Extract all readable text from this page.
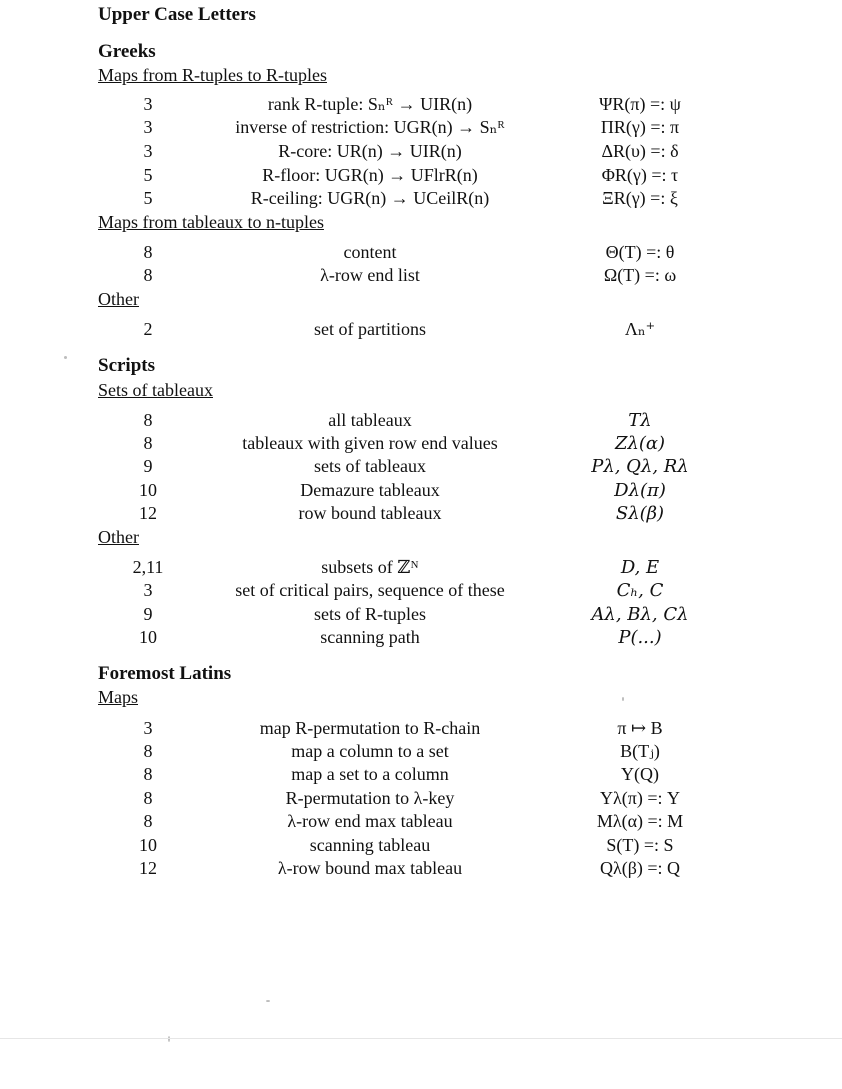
Upper Case Letters
Greeks
Maps from R-tuples to R-tuples
3	rank R-tuple: Sₙᴿ → UIR(n)	ΨR(π) =: ψ
3	inverse of restriction: UGR(n) → Sₙᴿ	ΠR(γ) =: π
3	R-core: UR(n) → UIR(n)	ΔR(υ) =: δ
5	R-floor: UGR(n) → UFlrR(n)	ΦR(γ) =: τ
5	R-ceiling: UGR(n) → UCeilR(n)	ΞR(γ) =: ξ
Maps from tableaux to n-tuples
8	content	Θ(T) =: θ
8	λ-row end list	Ω(T) =: ω
Other
2	set of partitions	Λₙ⁺
Scripts
Sets of tableaux
8	all tableaux	Tλ
8	tableaux with given row end values	Zλ(α)
9	sets of tableaux	Pλ, Qλ, Rλ
10	Demazure tableaux	Dλ(π)
12	row bound tableaux	Sλ(β)
Other
2,11	subsets of ℤᴺ	D, E
3	set of critical pairs, sequence of these	Cₕ, C
9	sets of R-tuples	Aλ, Bλ, Cλ
10	scanning path	P(...)
Foremost Latins
Maps
3	map R-permutation to R-chain	π ↦ B
8	map a column to a set	B(Tⱼ)
8	map a set to a column	Y(Q)
8	R-permutation to λ-key	Yλ(π) =: Y
8	λ-row end max tableau	Mλ(α) =: M
10	scanning tableau	S(T) =: S
12	λ-row bound max tableau	Qλ(β) =: Q
